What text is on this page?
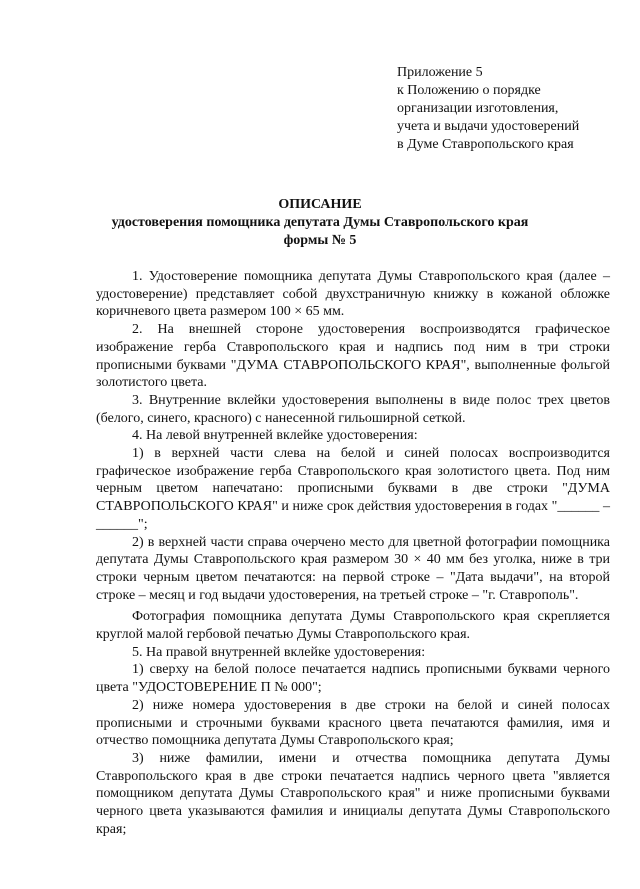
Приложение 5
к Положению о порядке
организации изготовления,
учета и выдачи удостоверений
в Думе Ставропольского края
ОПИСАНИЕ
удостоверения помощника депутата Думы Ставропольского края
формы № 5

1. Удостоверение помощника депутата Думы Ставропольского края (далее – удостоверение) представляет собой двухстраничную книжку в кожаной обложке коричневого цвета размером 100 × 65 мм.

2. На внешней стороне удостоверения воспроизводятся графическое изображение герба Ставропольского края и надпись под ним в три строки прописными буквами "ДУМА СТАВРОПОЛЬСКОГО КРАЯ", выполненные фольгой золотистого цвета.

3. Внутренние вклейки удостоверения выполнены в виде полос трех цветов (белого, синего, красного) с нанесенной гильоширной сеткой.

4. На левой внутренней вклейке удостоверения:

1) в верхней части слева на белой и синей полосах воспроизводится графическое изображение герба Ставропольского края золотистого цвета. Под ним черным цветом напечатано: прописными буквами в две строки "ДУМА СТАВРОПОЛЬСКОГО КРАЯ" и ниже срок действия удостоверения в годах "______ – ______";

2) в верхней части справа очерчено место для цветной фотографии помощника депутата Думы Ставропольского края размером 30 × 40 мм без уголка, ниже в три строки черным цветом печатаются: на первой строке – "Дата выдачи", на второй строке – месяц и год выдачи удостоверения, на третьей строке – "г. Ставрополь".

Фотография помощника депутата Думы Ставропольского края скрепляется круглой малой гербовой печатью Думы Ставропольского края.

5. На правой внутренней вклейке удостоверения:

1) сверху на белой полосе печатается надпись прописными буквами черного цвета "УДОСТОВЕРЕНИЕ П № 000";

2) ниже номера удостоверения в две строки на белой и синей полосах прописными и строчными буквами красного цвета печатаются фамилия, имя и отчество помощника депутата Думы Ставропольского края;

3) ниже фамилии, имени и отчества помощника депутата Думы Ставропольского края в две строки печатается надпись черного цвета "является помощником депутата Думы Ставропольского края" и ниже прописными буквами черного цвета указываются фамилия и инициалы депутата Думы Ставропольского края;
